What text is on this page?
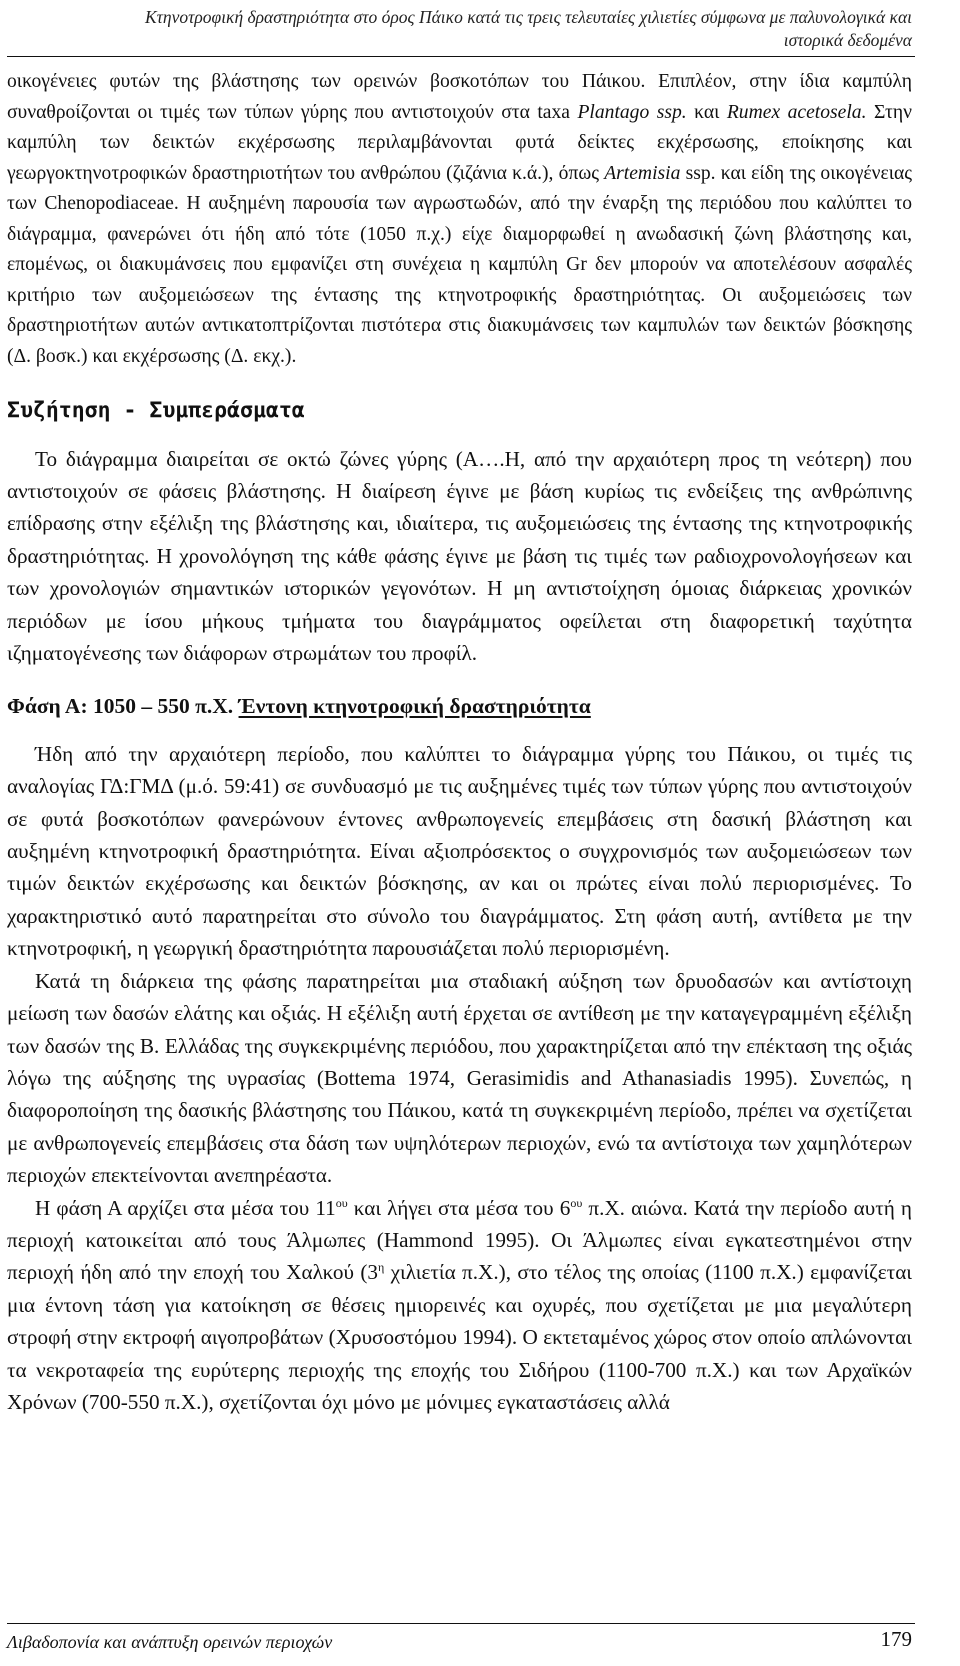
Κτηνοτροφική δραστηριότητα στο όρος Πάικο κατά τις τρεις τελευταίες χιλιετίες σύμφωνα με παλυνολογικά και ιστορικά δεδομένα

οικογένειες φυτών της βλάστησης των ορεινών βοσκοτόπων του Πάικου. Επιπλέον, στην ίδια καμπύλη συναθροίζονται οι τιμές των τύπων γύρης που αντιστοιχούν στα taxa Plantago ssp. και Rumex acetosela. Στην καμπύλη των δεικτών εκχέρσωσης περιλαμβάνονται φυτά δείκτες εκχέρσωσης, εποίκησης και γεωργοκτηνοτροφικών δραστηριοτήτων του ανθρώπου (ζιζάνια κ.ά.), όπως Artemisia ssp. και είδη της οικογένειας των Chenopodiaceae. Η αυξημένη παρουσία των αγρωστωδών, από την έναρξη της περιόδου που καλύπτει το διάγραμμα, φανερώνει ότι ήδη από τότε (1050 π.χ.) είχε διαμορφωθεί η ανωδασική ζώνη βλάστησης και, επομένως, οι διακυμάνσεις που εμφανίζει στη συνέχεια η καμπύλη Gr δεν μπορούν να αποτελέσουν ασφαλές κριτήριο των αυξομειώσεων της έντασης της κτηνοτροφικής δραστηριότητας. Οι αυξομειώσεις των δραστηριοτήτων αυτών αντικατοπτρίζονται πιστότερα στις διακυμάνσεις των καμπυλών των δεικτών βόσκησης (Δ. βοσκ.) και εκχέρσωσης (Δ. εκχ.).

Συζήτηση - Συμπεράσματα

Το διάγραμμα διαιρείται σε οκτώ ζώνες γύρης (Α….Η, από την αρχαιότερη προς τη νεότερη) που αντιστοιχούν σε φάσεις βλάστησης. Η διαίρεση έγινε με βάση κυρίως τις ενδείξεις της ανθρώπινης επίδρασης στην εξέλιξη της βλάστησης και, ιδιαίτερα, τις αυξομειώσεις της έντασης της κτηνοτροφικής δραστηριότητας. Η χρονολόγηση της κάθε φάσης έγινε με βάση τις τιμές των ραδιοχρονολογήσεων και των χρονολογιών σημαντικών ιστορικών γεγονότων. Η μη αντιστοίχηση όμοιας διάρκειας χρονικών περιόδων με ίσου μήκους τμήματα του διαγράμματος οφείλεται στη διαφορετική ταχύτητα ιζηματογένεσης των διάφορων στρωμάτων του προφίλ.

Φάση Α: 1050 – 550 π.Χ. Έντονη κτηνοτροφική δραστηριότητα

Ήδη από την αρχαιότερη περίοδο, που καλύπτει το διάγραμμα γύρης του Πάικου, οι τιμές τις αναλογίας ΓΔ:ΓΜΔ (μ.ό. 59:41) σε συνδυασμό με τις αυξημένες τιμές των τύπων γύρης που αντιστοιχούν σε φυτά βοσκοτόπων φανερώνουν έντονες ανθρωπογενείς επεμβάσεις στη δασική βλάστηση και αυξημένη κτηνοτροφική δραστηριότητα. Είναι αξιοπρόσεκτος ο συγχρονισμός των αυξομειώσεων των τιμών δεικτών εκχέρσωσης και δεικτών βόσκησης, αν και οι πρώτες είναι πολύ περιορισμένες. Το χαρακτηριστικό αυτό παρατηρείται στο σύνολο του διαγράμματος. Στη φάση αυτή, αντίθετα με την κτηνοτροφική, η γεωργική δραστηριότητα παρουσιάζεται πολύ περιορισμένη.

Κατά τη διάρκεια της φάσης παρατηρείται μια σταδιακή αύξηση των δρυοδασών και αντίστοιχη μείωση των δασών ελάτης και οξιάς. Η εξέλιξη αυτή έρχεται σε αντίθεση με την καταγεγραμμένη εξέλιξη των δασών της Β. Ελλάδας της συγκεκριμένης περιόδου, που χαρακτηρίζεται από την επέκταση της οξιάς λόγω της αύξησης της υγρασίας (Bottema 1974, Gerasimidis and Athanasiadis 1995). Συνεπώς, η διαφοροποίηση της δασικής βλάστησης του Πάικου, κατά τη συγκεκριμένη περίοδο, πρέπει να σχετίζεται με ανθρωπογενείς επεμβάσεις στα δάση των υψηλότερων περιοχών, ενώ τα αντίστοιχα των χαμηλότερων περιοχών επεκτείνονται ανεπηρέαστα.

Η φάση Α αρχίζει στα μέσα του $11^{o\upsilon}$ και λήγει στα μέσα του $6^{o\upsilon}$ π.Χ. αιώνα. Κατά την περίοδο αυτή η περιοχή κατοικείται από τους Άλμωπες (Hammond 1995). Οι Άλμωπες είναι εγκατεστημένοι στην περιοχή ήδη από την εποχή του Χαλκού ($3^\eta$ χιλιετία π.Χ.), στο τέλος της οποίας (1100 π.Χ.) εμφανίζεται μια έντονη τάση για κατοίκηση σε θέσεις ημιορεινές και οχυρές, που σχετίζεται με μια μεγαλύτερη στροφή στην εκτροφή αιγοπροβάτων (Χρυσοστόμου 1994). Ο εκτεταμένος χώρος στον οποίο απλώνονται τα νεκροταφεία της ευρύτερης περιοχής της εποχής του Σιδήρου (1100-700 π.Χ.) και των Αρχαϊκών Χρόνων (700-550 π.Χ.), σχετίζονται όχι μόνο με μόνιμες εγκαταστάσεις αλλά

Λιβαδοπονία και ανάπτυξη ορεινών περιοχών	179
